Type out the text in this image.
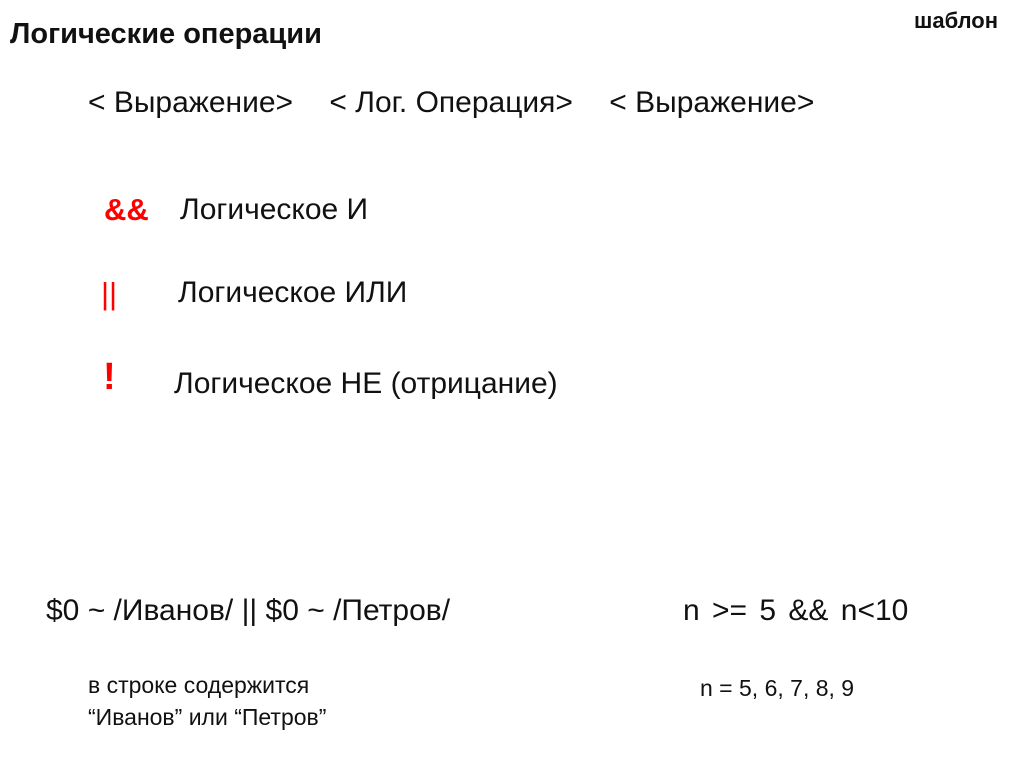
Логические операции	шаблон
< Выражение> < Лог. Операция> < Выражение>
&& Логическое И
|| Логическое ИЛИ
! Логическое НЕ (отрицание)
$0 ~ /Иванов/ || $0 ~ /Петров/	n >= 5 && n<10
в строке содержится
“Иванов” или “Петров”
n = 5, 6, 7, 8, 9
